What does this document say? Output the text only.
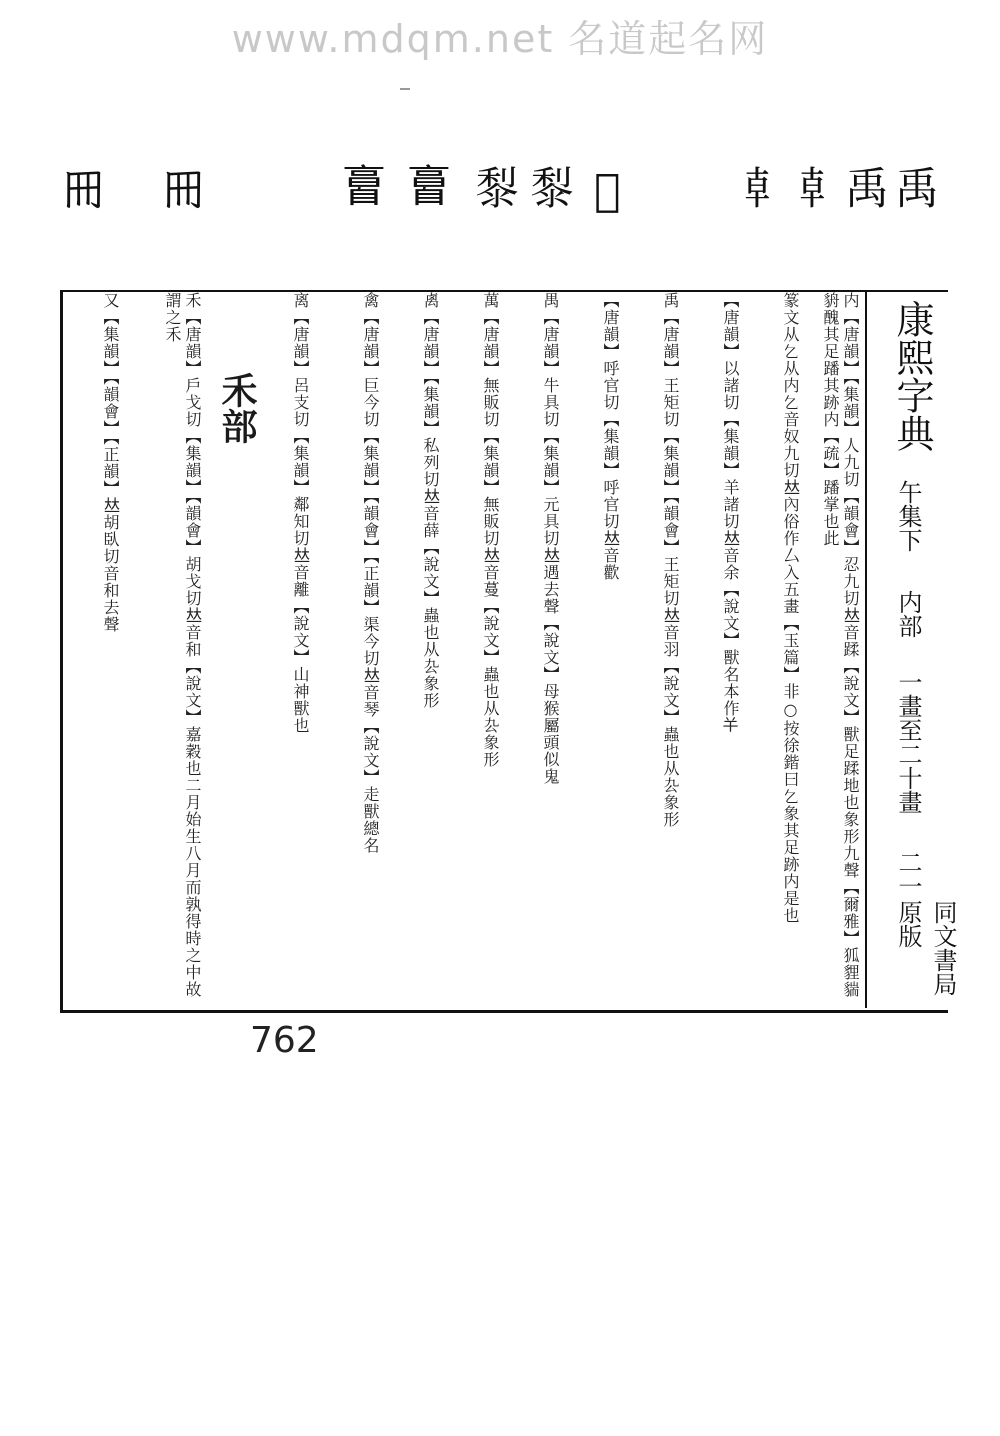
www.mdqm.net 名道起名网
𠕁 𠕁	𦤘 𦤘 𪏭 𪏭 𨗆 𠦝 𠦝 禹 禹
康熙字典
午集下
内部
一畫至二十畫
二一
同文書局原版
内【唐韻】【集韻】人九切【韻會】忍九切𠀤音蹂【說文】獸足蹂地也象形九聲【爾雅】狐貍貒貈醜其足蹯其跡内【疏】蹯掌也此
篆文从𠃉从内𠃉音奴九切𠀤內俗作厶入五畫【玉篇】非○按徐鍇曰𠃉象其足跡内是也
【唐韻】以諸切【集韻】羊諸切𠀤音余【說文】獸名本作𢆉
禹【唐韻】王矩切【集韻】【韻會】王矩切𠀤音羽【說文】蟲也从厹象形
【唐韻】呼官切【集韻】呼官切𠀤音歡
禺【唐韻】牛具切【集韻】元具切𠀤遇去聲【說文】母猴屬頭似鬼
萬【唐韻】無販切【集韻】無販切𠀤音蔓【說文】蟲也从厹象形
禼【唐韻】【集韻】私列切𠀤音薛【說文】蟲也从厹象形
禽【唐韻】巨今切【集韻】【韻會】【正韻】渠今切𠀤音琴【說文】走獸總名
离【唐韻】呂支切【集韻】鄰知切𠀤音離【說文】山神獸也
禾部
禾【唐韻】戶戈切【集韻】【韻會】胡戈切𠀤音和【說文】嘉穀也二月始生八月而孰得時之中故謂之禾
又【集韻】【韻會】【正韻】𠀤胡臥切音和去聲
762
